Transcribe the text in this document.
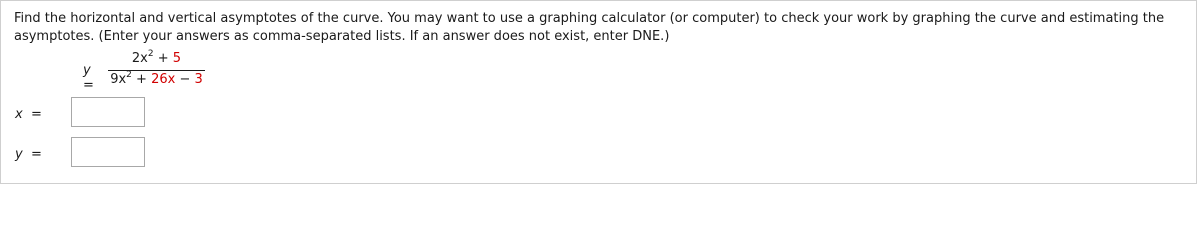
Find the horizontal and vertical asymptotes of the curve. You may want to use a graphing calculator (or computer) to check your work by graphing the curve and estimating the asymptotes. (Enter your answers as comma-separated lists. If an answer does not exist, enter DNE.)
y =
$2x^2 + 5$
$9x^2 + 26x - 3$
x =
y =
